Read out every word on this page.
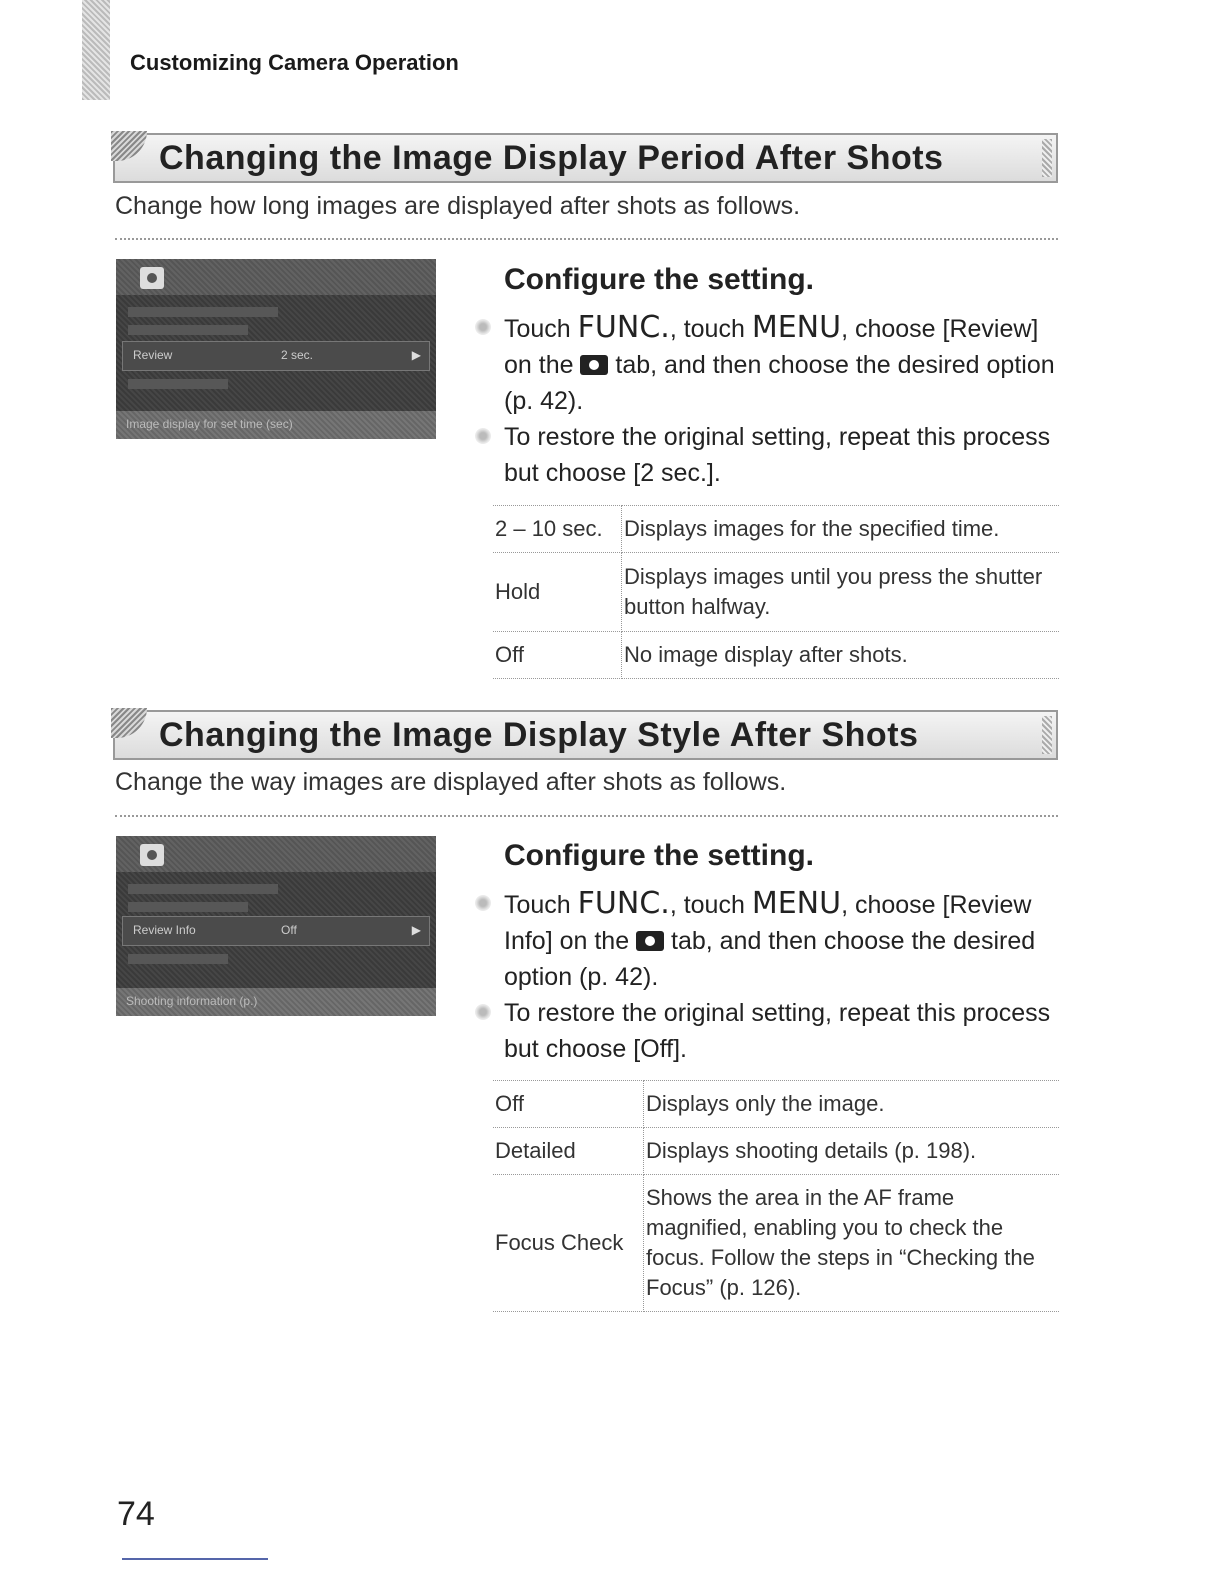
Customizing Camera Operation
Changing the Image Display Period After Shots
Change how long images are displayed after shots as follows.
Review	2 sec.	▶
Image display for set time (sec)
Configure the setting.
Touch FUNC., touch MENU, choose [Review] on the  tab, and then choose the desired option (p. 42).
To restore the original setting, repeat this process but choose [2 sec.].
2 – 10 sec.	Displays images for the specified time.
Hold	Displays images until you press the shutter button halfway.
Off	No image display after shots.
Changing the Image Display Style After Shots
Change the way images are displayed after shots as follows.
Review Info	Off	▶
Shooting information (p.)
Configure the setting.
Touch FUNC., touch MENU, choose [Review Info] on the  tab, and then choose the desired option (p. 42).
To restore the original setting, repeat this process but choose [Off].
Off	Displays only the image.
Detailed	Displays shooting details (p. 198).
Focus Check	Shows the area in the AF frame magnified, enabling you to check the focus. Follow the steps in “Checking the Focus” (p. 126).
74
